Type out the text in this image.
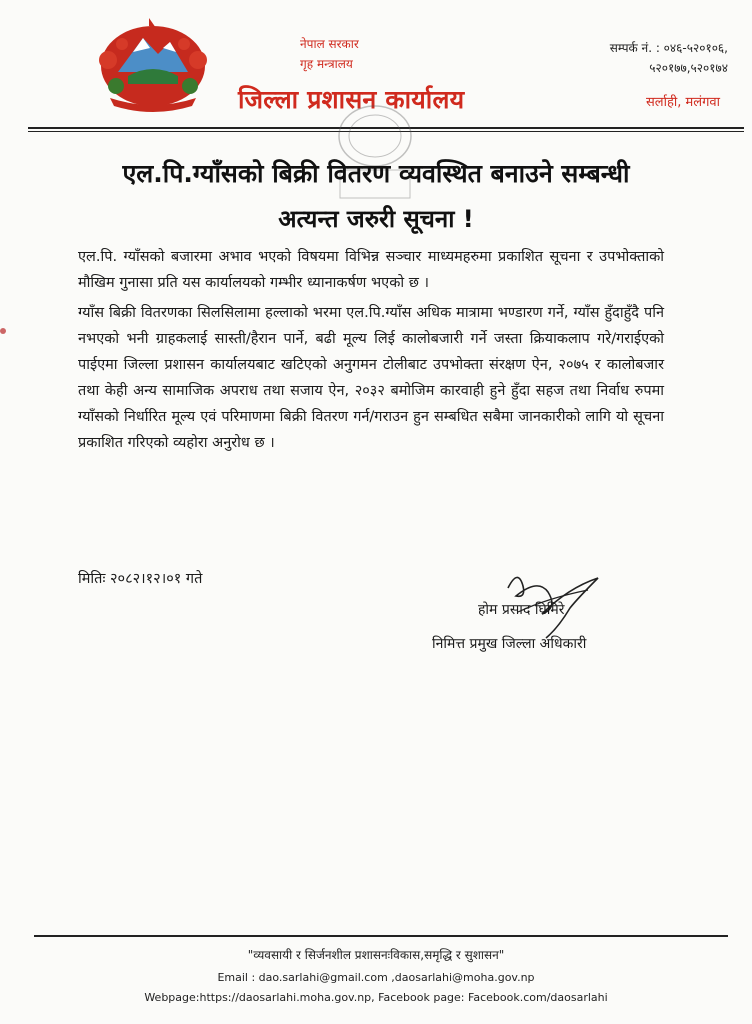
नेपाल सरकार
गृह मन्त्रालय
जिल्ला प्रशासन कार्यालय
सम्पर्क नं. : ०४६-५२०१०६,
५२०१७७,५२०१७४
सर्लाही, मलंगवा
एल.पि.ग्याँसको बिक्री वितरण व्यवस्थित बनाउने सम्बन्धी
अत्यन्त जरुरी सूचना !

एल.पि. ग्याँसको बजारमा अभाव भएको विषयमा विभिन्न सञ्चार माध्यमहरुमा प्रकाशित सूचना र उपभोक्ताको मौखिम गुनासा प्रति यस कार्यालयको गम्भीर ध्यानाकर्षण भएको छ ।

ग्याँस बिक्री वितरणका सिलसिलामा हल्लाको भरमा एल.पि.ग्याँस अधिक मात्रामा भण्डारण गर्ने, ग्याँस हुँदाहुँदै पनि नभएको भनी ग्राहकलाई सास्ती/हैरान पार्ने, बढी मूल्य लिई कालोबजारी गर्ने जस्ता क्रियाकलाप गरे/गराईएको पाईएमा जिल्ला प्रशासन कार्यालयबाट खटिएको अनुगमन टोलीबाट उपभोक्ता संरक्षण ऐन, २०७५ र कालोबजार तथा केही अन्य सामाजिक अपराध तथा सजाय ऐन, २०३२ बमोजिम कारवाही हुने हुँदा सहज तथा निर्वाध रुपमा ग्याँसको निर्धारित मूल्य एवं परिमाणमा बिक्री वितरण गर्न/गराउन हुन सम्बधित सबैमा जानकारीको लागि यो सूचना प्रकाशित गरिएको व्यहोरा अनुरोध छ ।

मितिः २०८२।१२।०१ गते
होम प्रसाद घिमिरे
निमित्त प्रमुख जिल्ला अधिकारी
"व्यवसायी र सिर्जनशील प्रशासनःविकास,समृद्धि र सुशासन"
Email : dao.sarlahi@gmail.com ,daosarlahi@moha.gov.np
Webpage:https://daosarlahi.moha.gov.np, Facebook page: Facebook.com/daosarlahi
